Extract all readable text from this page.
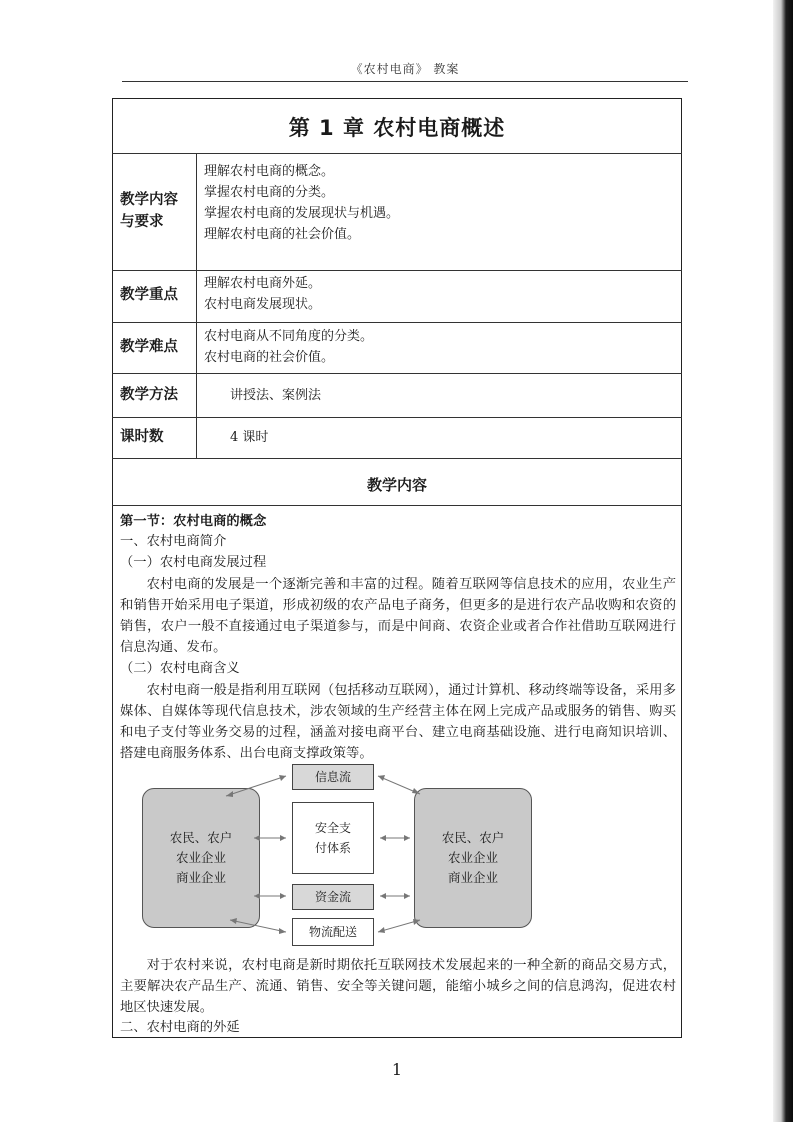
《农村电商》 教案
第 1 章 农村电商概述
教学内容
与要求
理解农村电商的概念。
掌握农村电商的分类。
掌握农村电商的发展现状与机遇。
理解农村电商的社会价值。
教学重点
理解农村电商外延。
农村电商发展现状。
教学难点
农村电商从不同角度的分类。
农村电商的社会价值。
教学方法	讲授法、案例法
课时数	4 课时
教学内容
第一节：农村电商的概念
一、农村电商简介
（一）农村电商发展过程
农村电商的发展是一个逐渐完善和丰富的过程。随着互联网等信息技术的应用，农业生产和销售开始采用电子渠道，形成初级的农产品电子商务，但更多的是进行农产品收购和农资的销售，农户一般不直接通过电子渠道参与，而是中间商、农资企业或者合作社借助互联网进行信息沟通、发布。
（二）农村电商含义
农村电商一般是指利用互联网（包括移动互联网），通过计算机、移动终端等设备，采用多媒体、自媒体等现代信息技术，涉农领域的生产经营主体在网上完成产品或服务的销售、购买和电子支付等业务交易的过程，涵盖对接电商平台、建立电商基础设施、进行电商知识培训、搭建电商服务体系、出台电商支撑政策等。
农民、农户
农业企业
商业企业
农民、农户
农业企业
商业企业
信息流
安全支
付体系
资金流
物流配送
对于农村来说，农村电商是新时期依托互联网技术发展起来的一种全新的商品交易方式，主要解决农产品生产、流通、销售、安全等关键问题，能缩小城乡之间的信息鸿沟，促进农村地区快速发展。
二、农村电商的外延
1
